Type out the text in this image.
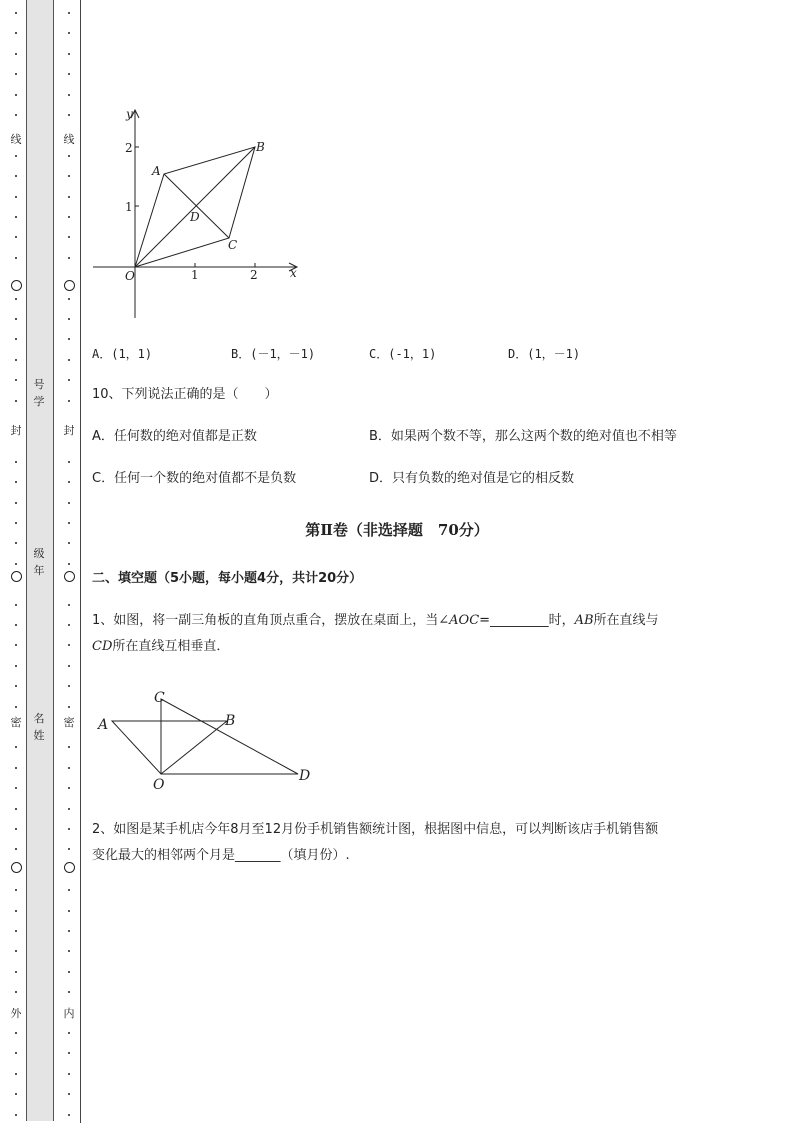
线
封
密
外
线
封
密
内
号学
级年
名姓
y
x
O	1	2
1
2
A
B
C
D
A．(1，1)	B．(－1，－1)	C．(-1，1)	D．(1，－1)
10、下列说法正确的是（　　）
A．任何数的绝对值都是正数	B．如果两个数不等，那么这两个数的绝对值也不相等
C．任何一个数的绝对值都不是负数	D．只有负数的绝对值是它的相反数
第Ⅱ卷（非选择题　70分）
二、填空题（5小题，每小题4分，共计20分）
1、如图，将一副三角板的直角顶点重合，摆放在桌面上，当∠AOC=_________时，AB所在直线与
CD所在直线互相垂直．
A	B
C
O
D
2、如图是某手机店今年8月至12月份手机销售额统计图，根据图中信息，可以判断该店手机销售额
变化最大的相邻两个月是_______（填月份）.
